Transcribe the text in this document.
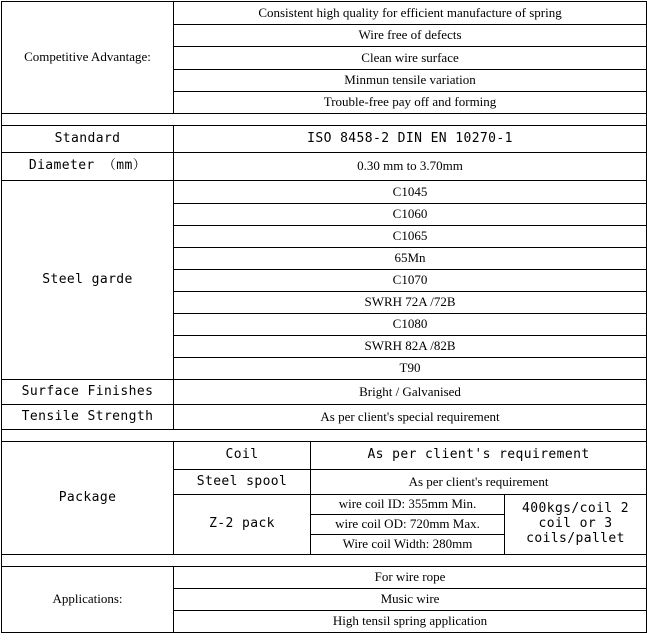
Competitive Advantage:	Consistent high quality for efficient manufacture of spring		
	Wire free of defects		
	Clean wire surface		
	Minmun tensile variation		
	Trouble-free pay off and forming		

Standard	ISO 8458-2 DIN EN 10270-1		
Diameter （mm）	0.30 mm to 3.70mm		
Steel garde	C1045		
	C1060		
	C1065		
	65Mn		
	C1070		
	SWRH 72A /72B		
	C1080		
	SWRH 82A /82B		
	T90		
Surface Finishes	Bright / Galvanised		
Tensile Strength	As per client's special requirement		

Package	Coil	As per client's requirement	
	Steel spool	As per client's requirement	
	Z-2 pack	wire coil ID: 355mm Min.	400kgs/coil 2 coil or 3 coils/pallet
		wire coil OD: 720mm Max.	
		Wire coil Width: 280mm	

Applications:	For wire rope		
	Music wire		
	High tensil spring application		
